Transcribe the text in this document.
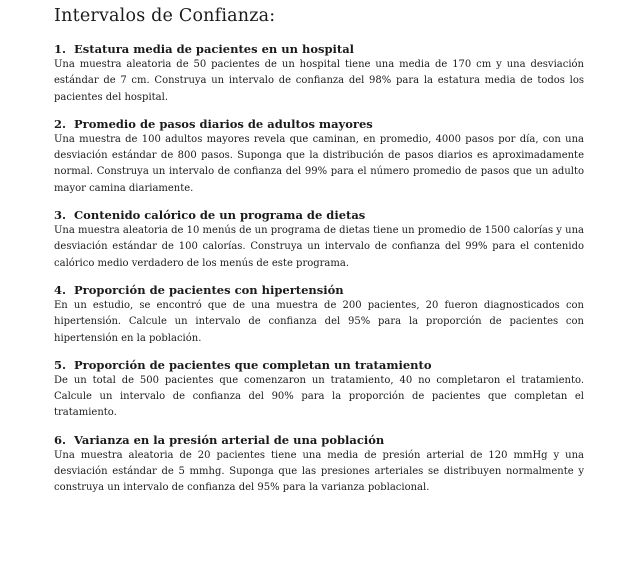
Intervalos de Confianza:
1. Estatura media de pacientes en un hospital

Una muestra aleatoria de 50 pacientes de un hospital tiene una media de 170 cm y una desviación estándar de 7 cm. Construya un intervalo de confianza del 98% para la estatura media de todos los pacientes del hospital.

2. Promedio de pasos diarios de adultos mayores

Una muestra de 100 adultos mayores revela que caminan, en promedio, 4000 pasos por día, con una desviación estándar de 800 pasos. Suponga que la distribución de pasos diarios es aproximadamente normal. Construya un intervalo de confianza del 99% para el número promedio de pasos que un adulto mayor camina diariamente.

3. Contenido calórico de un programa de dietas

Una muestra aleatoria de 10 menús de un programa de dietas tiene un promedio de 1500 calorías y una desviación estándar de 100 calorías. Construya un intervalo de confianza del 99% para el contenido calórico medio verdadero de los menús de este programa.

4. Proporción de pacientes con hipertensión

En un estudio, se encontró que de una muestra de 200 pacientes, 20 fueron diagnosticados con hipertensión. Calcule un intervalo de confianza del 95% para la proporción de pacientes con hipertensión en la población.

5. Proporción de pacientes que completan un tratamiento

De un total de 500 pacientes que comenzaron un tratamiento, 40 no completaron el tratamiento. Calcule un intervalo de confianza del 90% para la proporción de pacientes que completan el tratamiento.

6. Varianza en la presión arterial de una población

Una muestra aleatoria de 20 pacientes tiene una media de presión arterial de 120 mmHg y una desviación estándar de 5 mmhg. Suponga que las presiones arteriales se distribuyen normalmente y construya un intervalo de confianza del 95% para la varianza poblacional.
